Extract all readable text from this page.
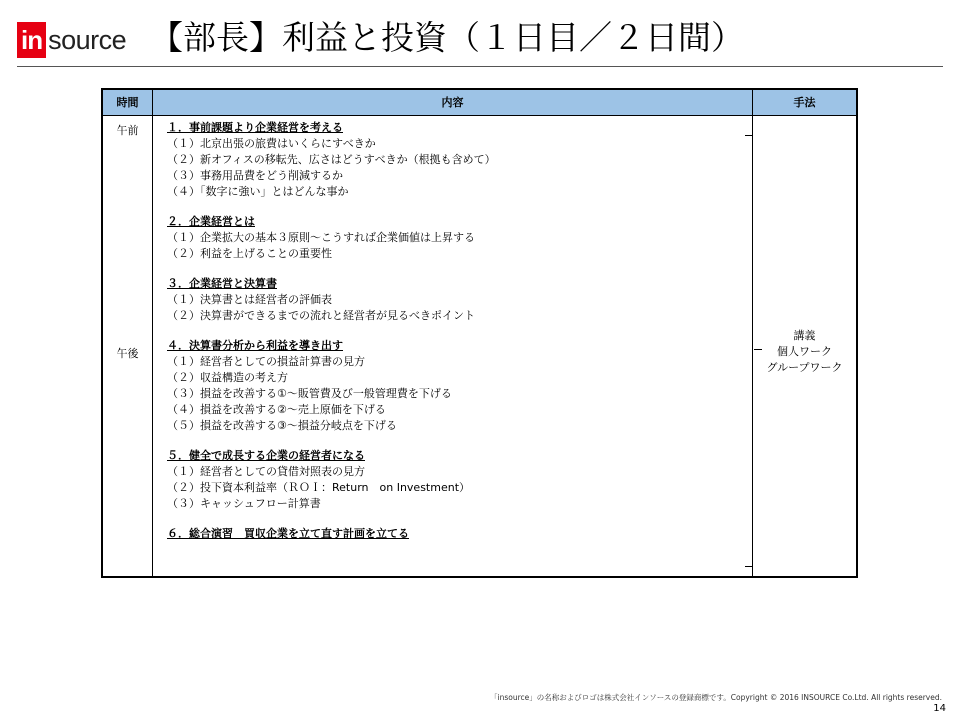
in source 【部長】利益と投資（１日目／２日間）
時間	内容	手法
午前
午後
１．事前課題より企業経営を考える
（１）北京出張の旅費はいくらにすべきか
（２）新オフィスの移転先、広さはどうすべきか（根拠も含めて）
（３）事務用品費をどう削減するか
（４）「数字に強い」とはどんな事か
２．企業経営とは
（１）企業拡大の基本３原則～こうすれば企業価値は上昇する
（２）利益を上げることの重要性
３．企業経営と決算書
（１）決算書とは経営者の評価表
（２）決算書ができるまでの流れと経営者が見るべきポイント
４．決算書分析から利益を導き出す
（１）経営者としての損益計算書の見方
（２）収益構造の考え方
（３）損益を改善する①～販管費及び一般管理費を下げる
（４）損益を改善する②～売上原価を下げる
（５）損益を改善する③～損益分岐点を下げる
５．健全で成長する企業の経営者になる
（１）経営者としての貸借対照表の見方
（２）投下資本利益率（ＲＯＩ：Return　on Investment）
（３）キャッシュフロー計算書
６．総合演習　買収企業を立て直す計画を立てる
講義
個人ワーク
グループワーク
「insource」の名称およびロゴは株式会社インソースの登録商標です。Copyright © 2016 INSOURCE Co.Ltd. All rights reserved.
14
